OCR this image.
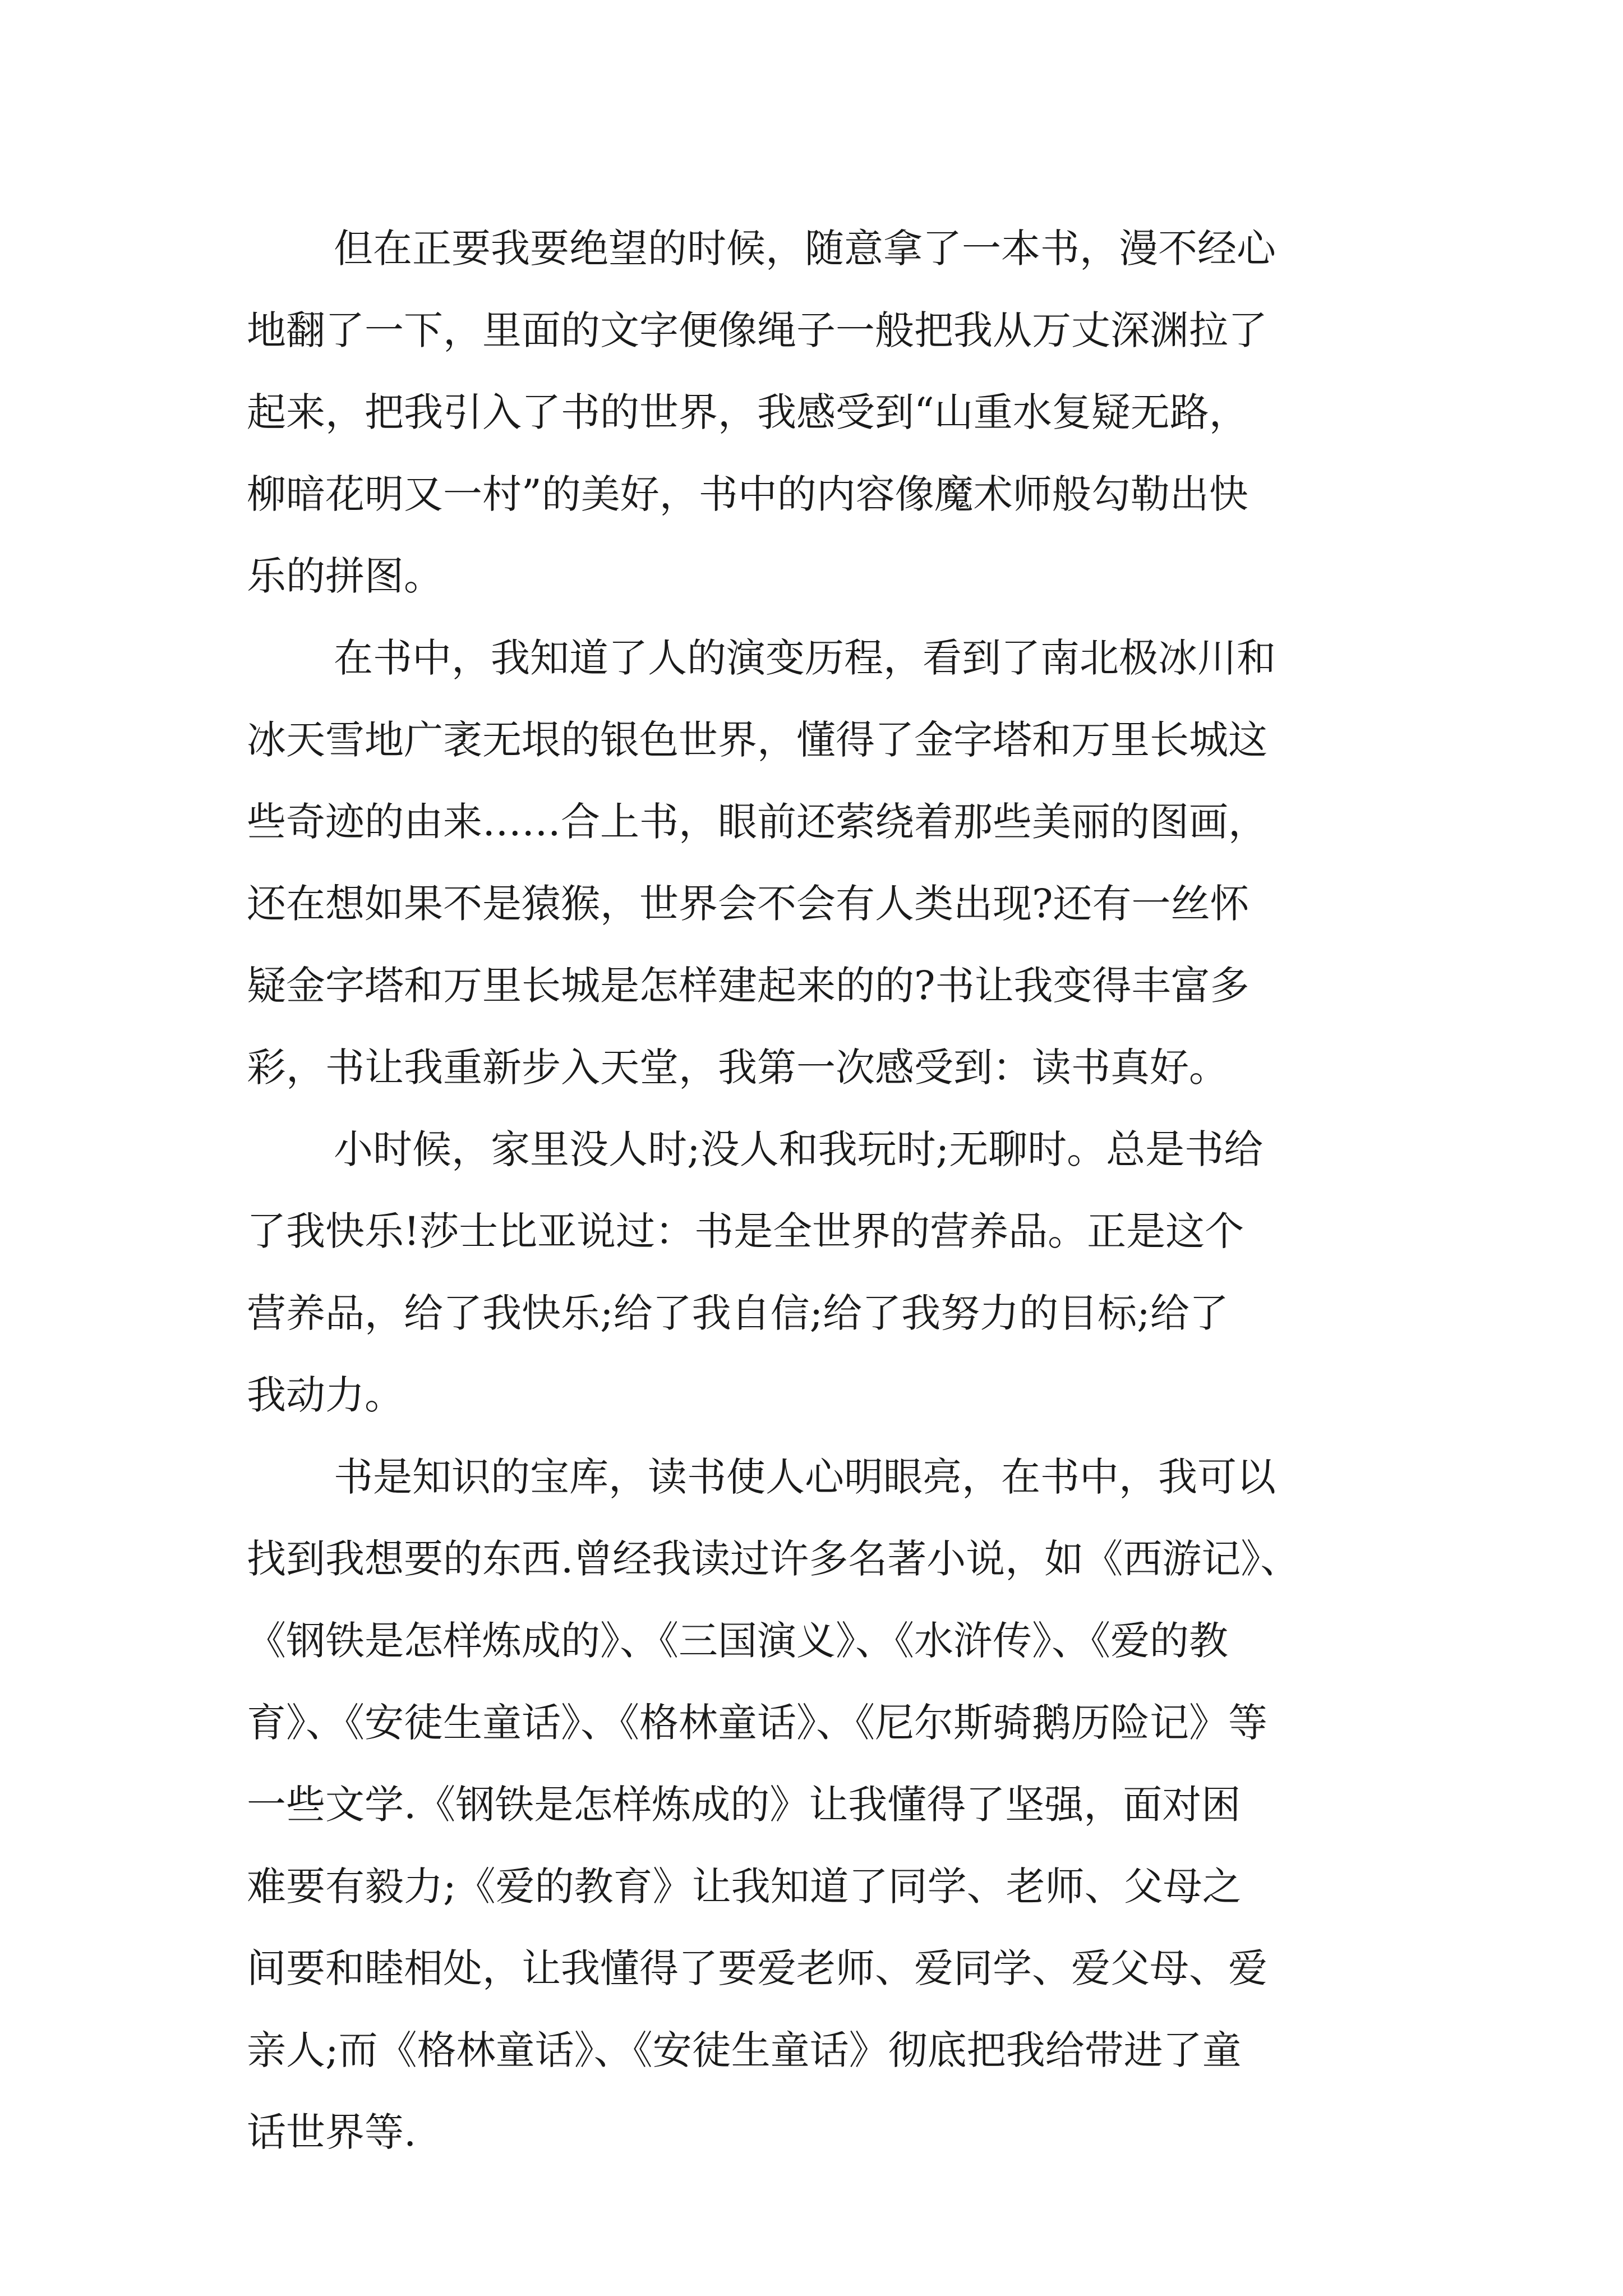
但在正要我要绝望的时候，随意拿了一本书，漫不经心
地翻了一下，里面的文字便像绳子一般把我从万丈深渊拉了
起来，把我引入了书的世界，我感受到“山重水复疑无路，
柳暗花明又一村”的美好，书中的内容像魔术师般勾勒出快
乐的拼图。

在书中，我知道了人的演变历程，看到了南北极冰川和
冰天雪地广袤无垠的银色世界，懂得了金字塔和万里长城这
些奇迹的由来……合上书，眼前还萦绕着那些美丽的图画，
还在想如果不是猿猴，世界会不会有人类出现?还有一丝怀
疑金字塔和万里长城是怎样建起来的的?书让我变得丰富多
彩，书让我重新步入天堂，我第一次感受到：读书真好。

小时候，家里没人时;没人和我玩时;无聊时。总是书给
了我快乐!莎士比亚说过：书是全世界的营养品。正是这个
营养品，给了我快乐;给了我自信;给了我努力的目标;给了
我动力。

书是知识的宝库，读书使人心明眼亮，在书中，我可以
找到我想要的东西.曾经我读过许多名著小说，如《西游记》、
《钢铁是怎样炼成的》、《三国演义》、《水浒传》、《爱的教
育》、《安徒生童话》、《格林童话》、《尼尔斯骑鹅历险记》等
一些文学.《钢铁是怎样炼成的》让我懂得了坚强，面对困
难要有毅力;《爱的教育》让我知道了同学、老师、父母之
间要和睦相处，让我懂得了要爱老师、爱同学、爱父母、爱
亲人;而《格林童话》、《安徒生童话》彻底把我给带进了童
话世界等.
